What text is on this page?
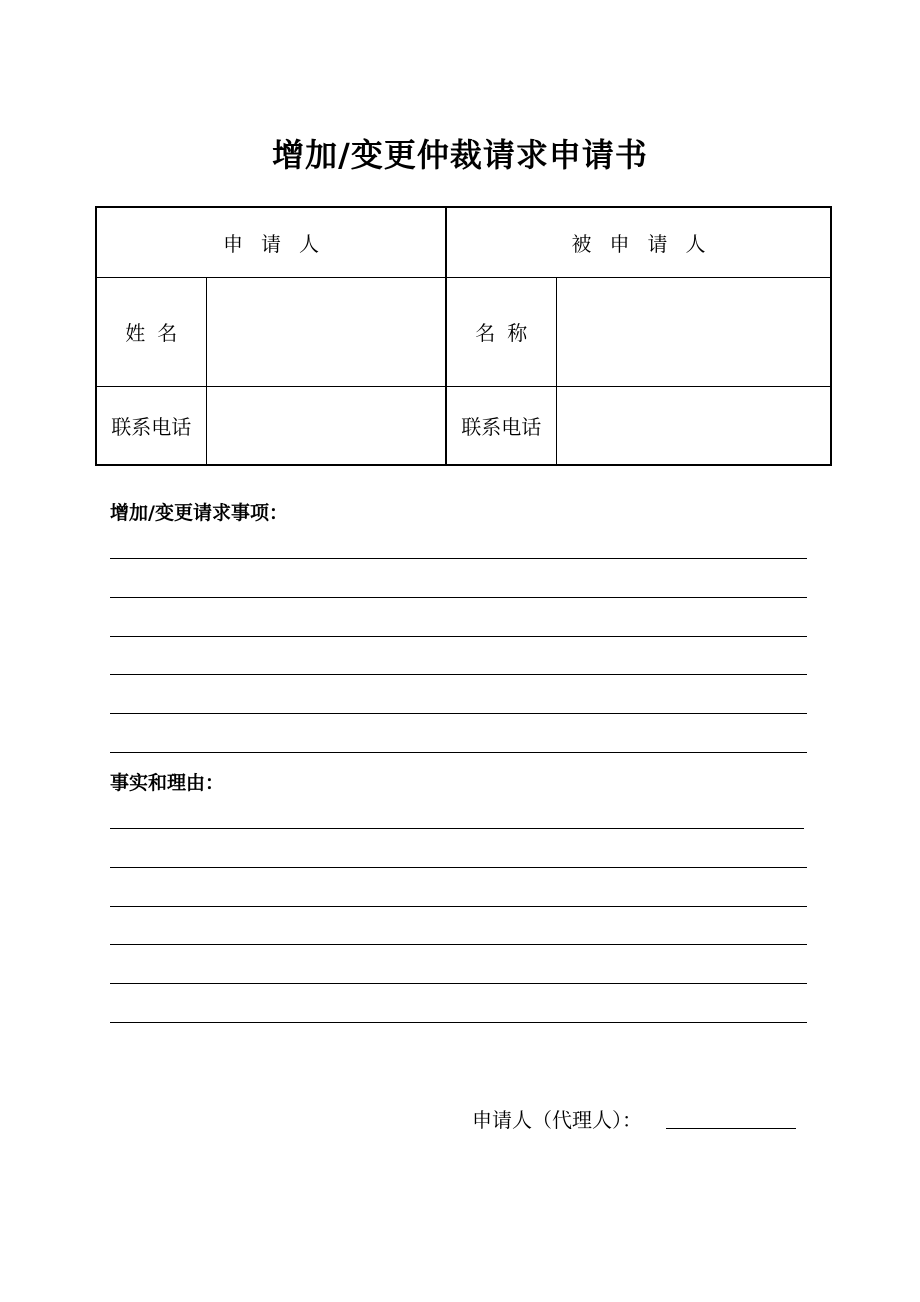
增加/变更仲裁请求申请书
申请人		被申请人	
姓名		名称	
联系电话		联系电话	
增加/变更请求事项：
事实和理由：
申请人（代理人）：
